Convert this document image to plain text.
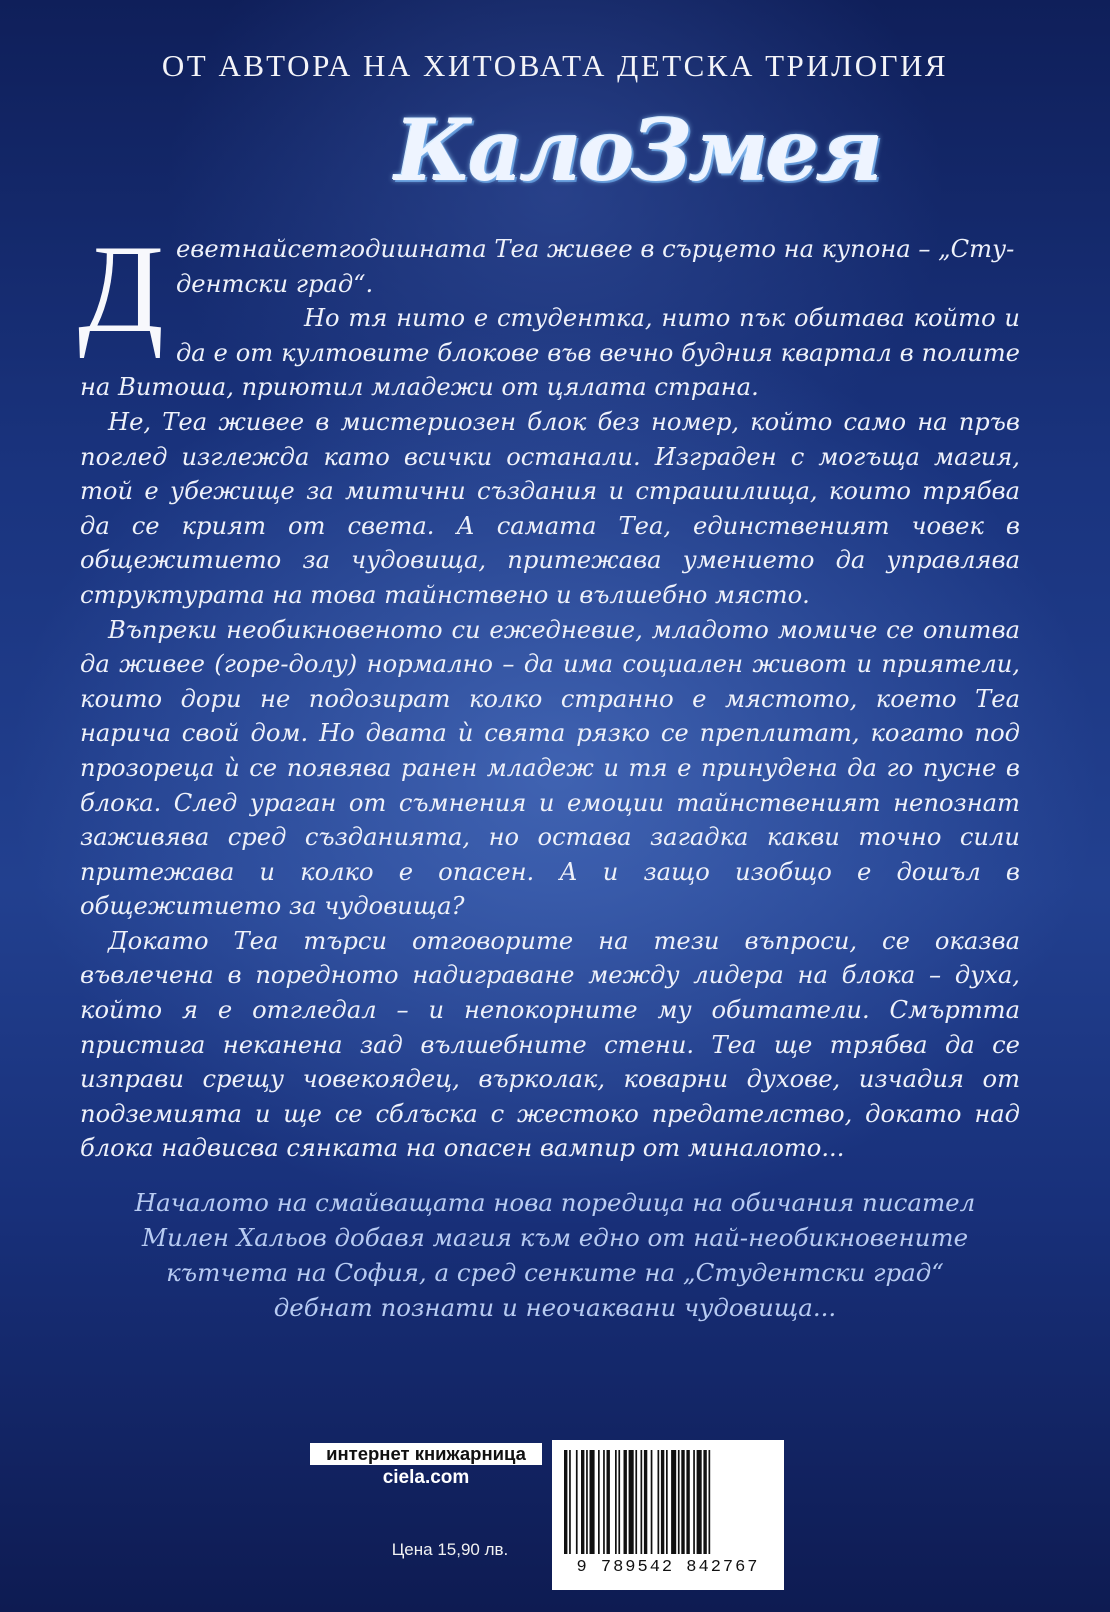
ОТ АВТОРА НА ХИТОВАТА ДЕТСКА ТРИЛОГИЯ
КалоЗмея

Деветнайсетгодишната Теа живее в сърцето на купона – „Сту-
дентски град“.
Но тя нито е студентка, нито пък обитава който и да е от култовите блокове във вечно будния квартал в полите на Витоша, приютил младежи от цялата страна.

Не, Теа живее в мистериозен блок без номер, който само на пръв поглед изглежда като всички останали. Изграден с могъща магия, той е убежище за митични създания и страшилища, които трябва да се крият от света. А самата Теа, единственият човек в общежитието за чудовища, притежава умението да управлява структурата на това тайнствено и вълшебно място.

Въпреки необикновеното си ежедневие, младото момиче се опитва да живее (горе-долу) нормално – да има социален живот и приятели, които дори не подозират колко странно е мястото, което Теа нарича свой дом. Но двата ѝ свята рязко се преплитат, когато под прозореца ѝ се появява ранен младеж и тя е принудена да го пусне в блока. След ураган от съмнения и емоции тайнственият непознат заживява сред създанията, но остава загадка какви точно сили притежава и колко е опасен. А и защо изобщо е дошъл в общежитието за чудовища?

Докато Теа търси отговорите на тези въпроси, се оказва въвлечена в поредното надиграване между лидера на блока – духа, който я е отгледал – и непокорните му обитатели. Смъртта пристига неканена зад вълшебните стени. Теа ще трябва да се изправи срещу човекоядец, върколак, коварни духове, изчадия от подземията и ще се сблъска с жестоко предателство, докато над блока надвисва сянката на опасен вампир от миналото...

Началото на смайващата нова поредица на обичания писател
Милен Хальов добавя магия към едно от най-необикновените
кътчета на София, а сред сенките на „Студентски град“
дебнат познати и неочаквани чудовища...
интернет книжарница
ciela.com
Цена 15,90 лв.
9 789542 842767
